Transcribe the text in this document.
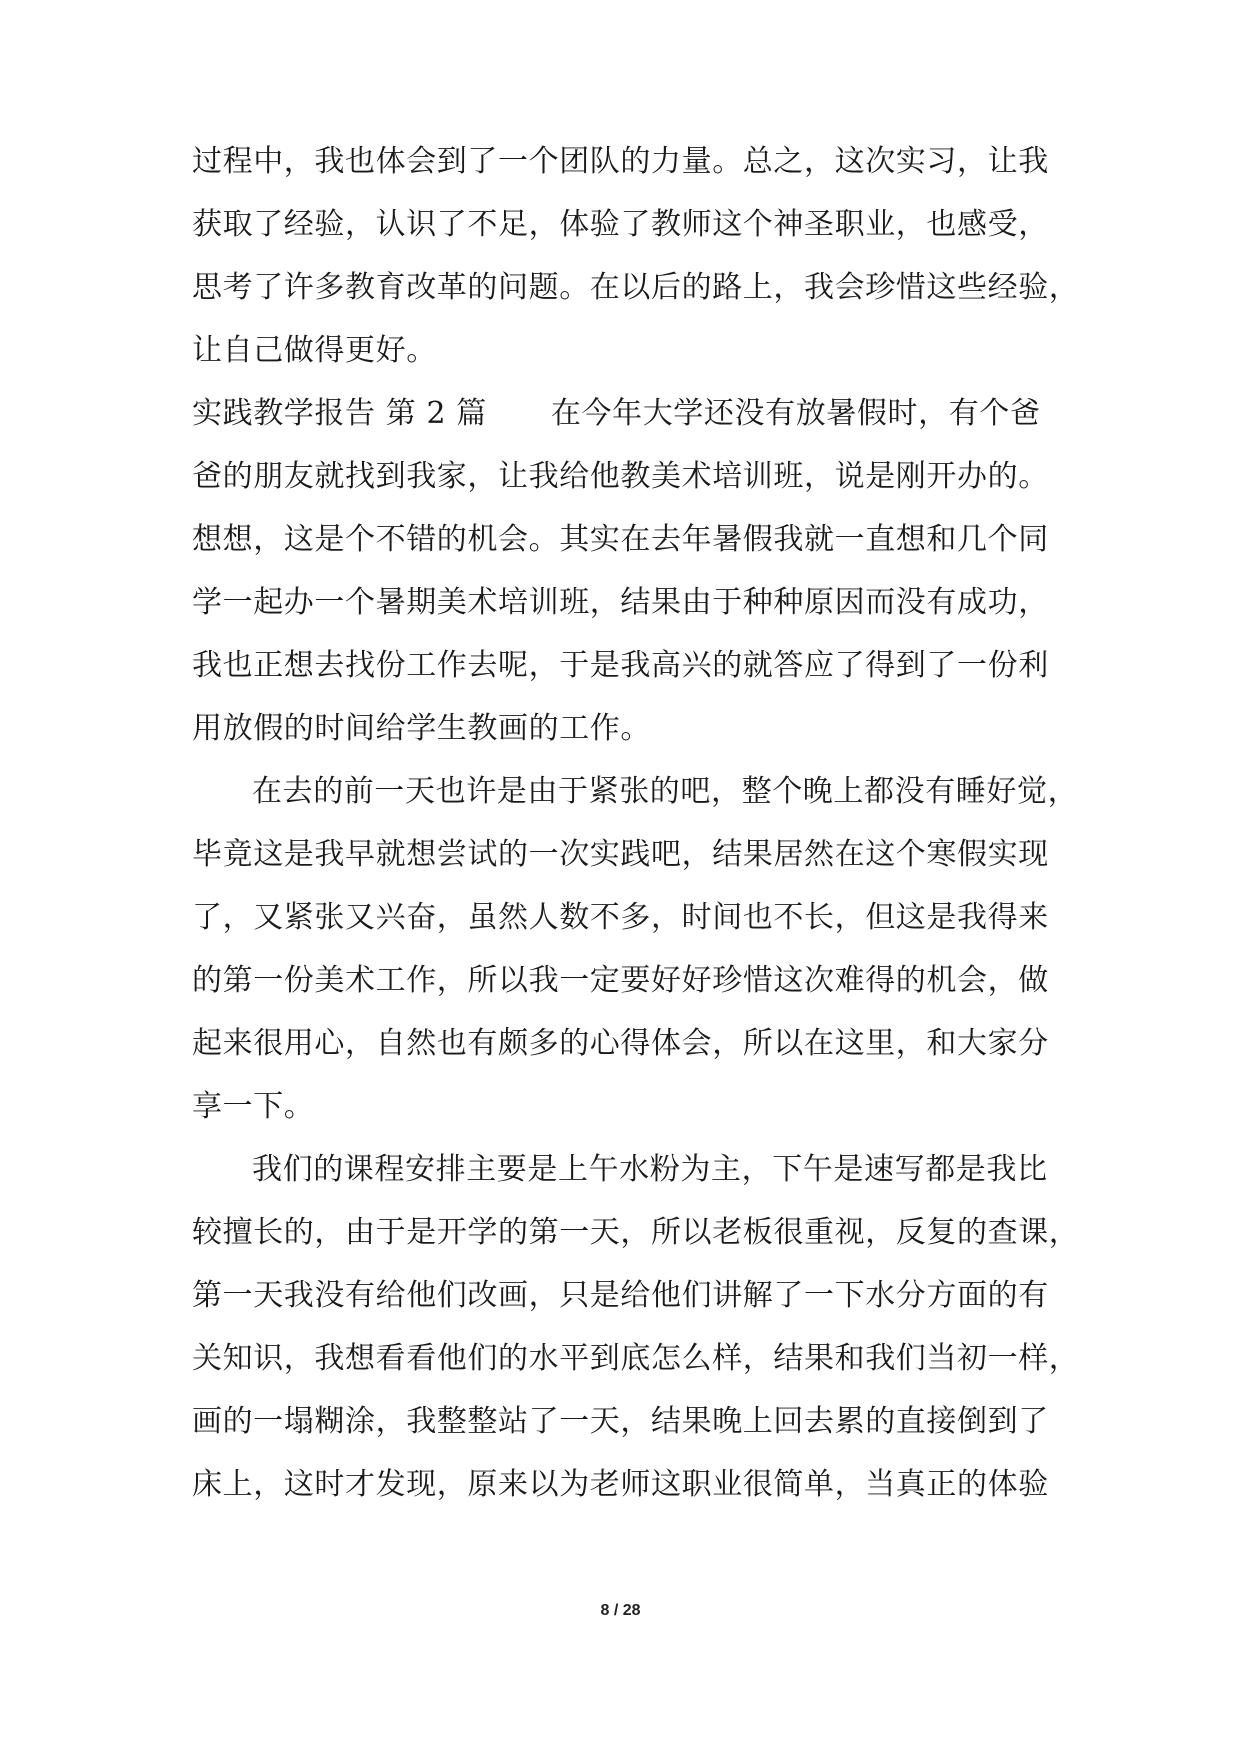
过程中，我也体会到了一个团队的力量。总之，这次实习，让我
获取了经验，认识了不足，体验了教师这个神圣职业，也感受，
思考了许多教育改革的问题。在以后的路上，我会珍惜这些经验，
让自己做得更好。
实践教学报告 第 2 篇 在今年大学还没有放暑假时，有个爸
爸的朋友就找到我家，让我给他教美术培训班，说是刚开办的。
想想，这是个不错的机会。其实在去年暑假我就一直想和几个同
学一起办一个暑期美术培训班，结果由于种种原因而没有成功，
我也正想去找份工作去呢，于是我高兴的就答应了得到了一份利
用放假的时间给学生教画的工作。
在去的前一天也许是由于紧张的吧，整个晚上都没有睡好觉，
毕竟这是我早就想尝试的一次实践吧，结果居然在这个寒假实现
了，又紧张又兴奋，虽然人数不多，时间也不长，但这是我得来
的第一份美术工作，所以我一定要好好珍惜这次难得的机会，做
起来很用心，自然也有颇多的心得体会，所以在这里，和大家分
享一下。
我们的课程安排主要是上午水粉为主，下午是速写都是我比
较擅长的，由于是开学的第一天，所以老板很重视，反复的查课，
第一天我没有给他们改画，只是给他们讲解了一下水分方面的有
关知识，我想看看他们的水平到底怎么样，结果和我们当初一样，
画的一塌糊涂，我整整站了一天，结果晚上回去累的直接倒到了
床上，这时才发现，原来以为老师这职业很简单，当真正的体验
8 / 28
